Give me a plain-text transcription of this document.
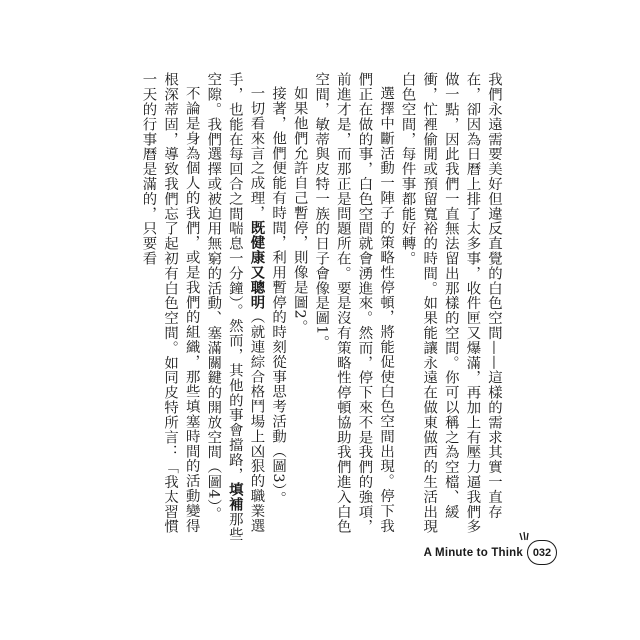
我們永遠需要美好但違反直覺的白色空間——這樣的需求其實一直存在，卻因為日曆上排了太多事，收件匣又爆滿，再加上有壓力逼我們多做一點，因此我們一直無法留出那樣的空間。你可以稱之為空檔、緩衝，忙裡偷閒或預留寬裕的時間。如果能讓永遠在做東做西的生活出現白色空間，每件事都能好轉。

選擇中斷活動一陣子的策略性停頓，將能促使白色空間出現。停下我們正在做的事，白色空間就會湧進來。然而，停下來不是我們的強項，前進才是，而那正是問題所在。要是沒有策略性停頓協助我們進入白色空間，敏蒂與皮特一族的日子會像是圖1。

如果他們允許自己暫停，則像是圖2。

接著，他們便能有時間，利用暫停的時刻從事思考活動（圖3）。

一切看來言之成理，既健康又聰明（就連綜合格鬥場上凶狠的職業選手，也能在每回合之間喘息一分鐘）。然而，其他的事會擋路，填補那些空隙。我們選擇或被迫用無窮的活動、塞滿關鍵的開放空間（圖4）。

不論是身為個人的我們，或是我們的組織，那些填塞時間的活動變得根深蒂固，導致我們忘了起初有白色空間。如同皮特所言：「我太習慣一天的行事曆是滿的，只要看

A Minute to Think 032
